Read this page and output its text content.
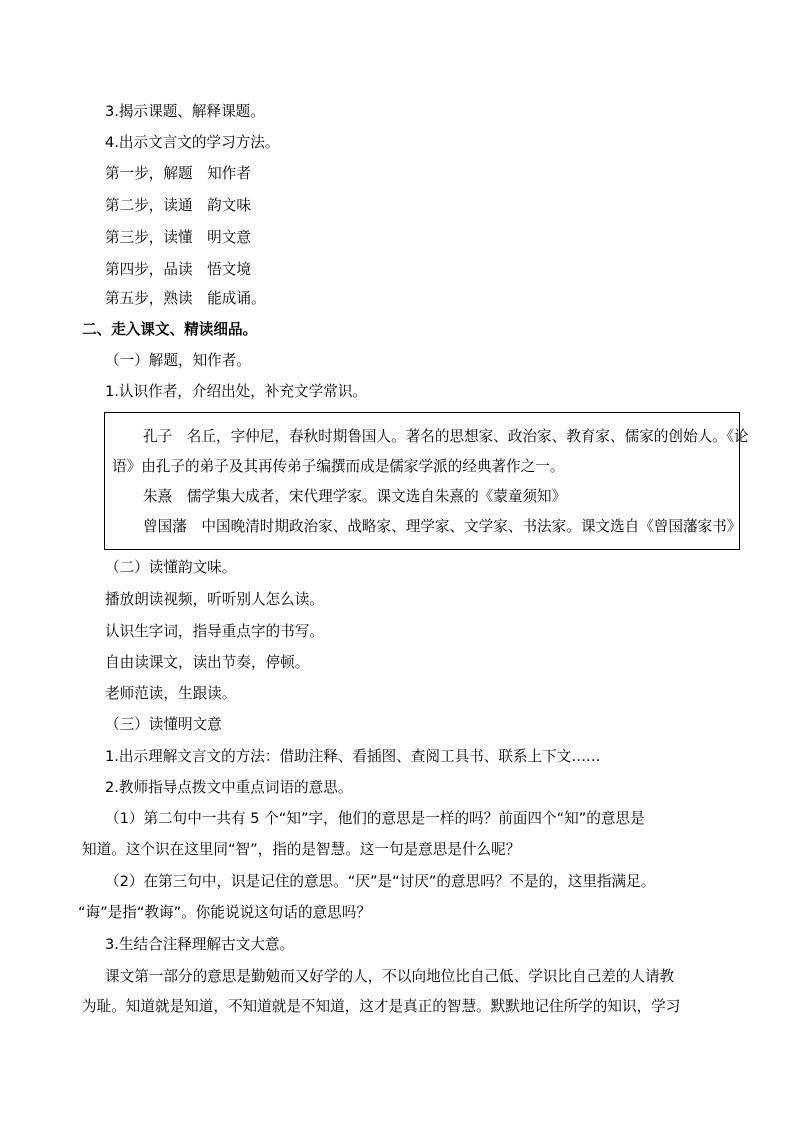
3.揭示课题、解释课题。
4.出示文言文的学习方法。
第一步，解题　知作者
第二步，读通　韵文味
第三步，读懂　明文意
第四步，品读　悟文境
第五步，熟读　能成诵。
二、走入课文、精读细品。
（一）解题，知作者。
1.认识作者，介绍出处，补充文学常识。
孔子　名丘，字仲尼，春秋时期鲁国人。著名的思想家、政治家、教育家、儒家的创始人。《论
语》由孔子的弟子及其再传弟子编撰而成是儒家学派的经典著作之一。
朱熹　儒学集大成者，宋代理学家。课文选自朱熹的《蒙童须知》
曾国藩　中国晚清时期政治家、战略家、理学家、文学家、书法家。课文选自《曾国藩家书》
（二）读懂韵文味。
播放朗读视频，听听别人怎么读。
认识生字词，指导重点字的书写。
自由读课文，读出节奏，停顿。
老师范读，生跟读。
（三）读懂明文意
1.出示理解文言文的方法：借助注释、看插图、查阅工具书、联系上下文……
2.教师指导点拨文中重点词语的意思。
（1）第二句中一共有 5 个“知”字，他们的意思是一样的吗？前面四个“知”的意思是
知道。这个识在这里同“智”，指的是智慧。这一句是意思是什么呢？
（2）在第三句中，识是记住的意思。“厌”是“讨厌”的意思吗？不是的，这里指满足。
“诲”是指“教诲”。你能说说这句话的意思吗？
3.生结合注释理解古文大意。
课文第一部分的意思是勤勉而又好学的人，不以向地位比自己低、学识比自己差的人请教
为耻。知道就是知道，不知道就是不知道，这才是真正的智慧。默默地记住所学的知识，学习
